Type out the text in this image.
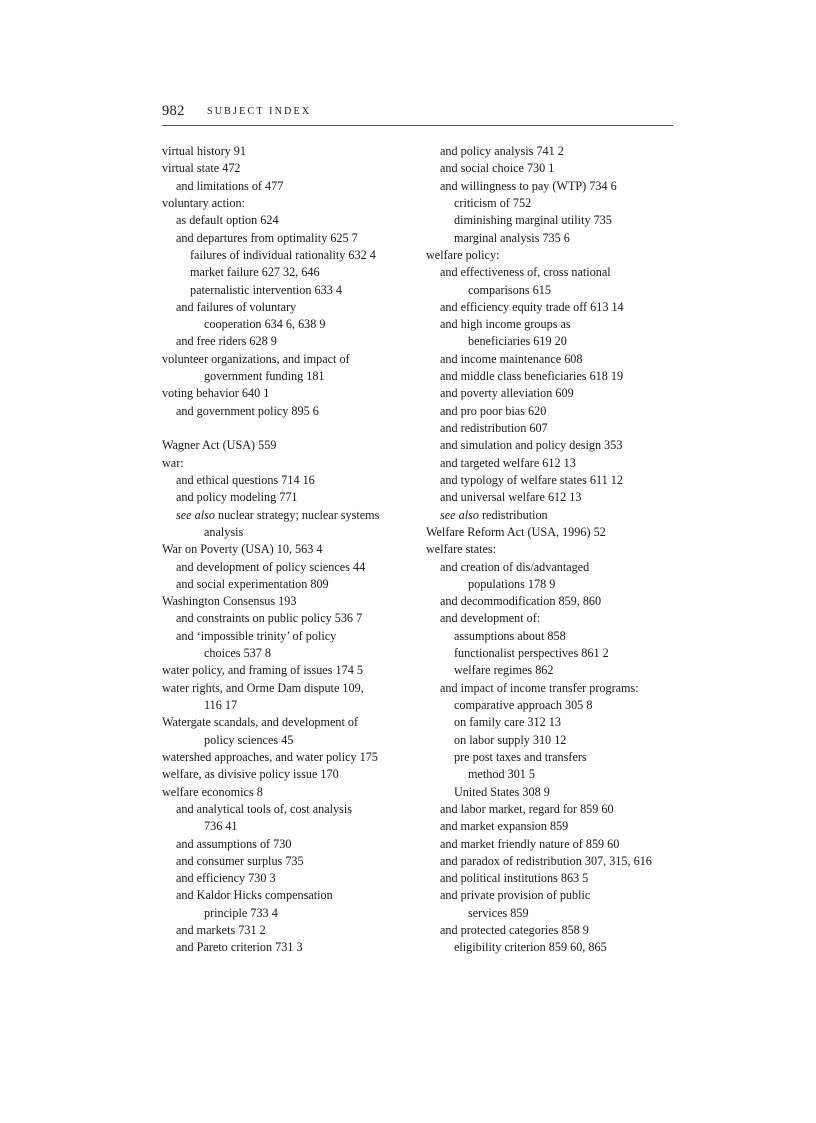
982 SUBJECT INDEX
virtual history 91
virtual state 472
and limitations of 477
voluntary action:
as default option 624
and departures from optimality 625 7
failures of individual rationality 632 4
market failure 627 32, 646
paternalistic intervention 633 4
and failures of voluntary
cooperation 634 6, 638 9
and free riders 628 9
volunteer organizations, and impact of
government funding 181
voting behavior 640 1
and government policy 895 6
Wagner Act (USA) 559
war:
and ethical questions 714 16
and policy modeling 771
see also nuclear strategy; nuclear systems
analysis
War on Poverty (USA) 10, 563 4
and development of policy sciences 44
and social experimentation 809
Washington Consensus 193
and constraints on public policy 536 7
and ‘impossible trinity’ of policy
choices 537 8
water policy, and framing of issues 174 5
water rights, and Orme Dam dispute 109,
116 17
Watergate scandals, and development of
policy sciences 45
watershed approaches, and water policy 175
welfare, as divisive policy issue 170
welfare economics 8
and analytical tools of, cost analysis
736 41
and assumptions of 730
and consumer surplus 735
and efficiency 730 3
and Kaldor Hicks compensation
principle 733 4
and markets 731 2
and Pareto criterion 731 3
and policy analysis 741 2
and social choice 730 1
and willingness to pay (WTP) 734 6
criticism of 752
diminishing marginal utility 735
marginal analysis 735 6
welfare policy:
and effectiveness of, cross national
comparisons 615
and efficiency equity trade off 613 14
and high income groups as
beneficiaries 619 20
and income maintenance 608
and middle class beneficiaries 618 19
and poverty alleviation 609
and pro poor bias 620
and redistribution 607
and simulation and policy design 353
and targeted welfare 612 13
and typology of welfare states 611 12
and universal welfare 612 13
see also redistribution
Welfare Reform Act (USA, 1996) 52
welfare states:
and creation of dis/advantaged
populations 178 9
and decommodification 859, 860
and development of:
assumptions about 858
functionalist perspectives 861 2
welfare regimes 862
and impact of income transfer programs:
comparative approach 305 8
on family care 312 13
on labor supply 310 12
pre post taxes and transfers
method 301 5
United States 308 9
and labor market, regard for 859 60
and market expansion 859
and market friendly nature of 859 60
and paradox of redistribution 307, 315, 616
and political institutions 863 5
and private provision of public
services 859
and protected categories 858 9
eligibility criterion 859 60, 865
